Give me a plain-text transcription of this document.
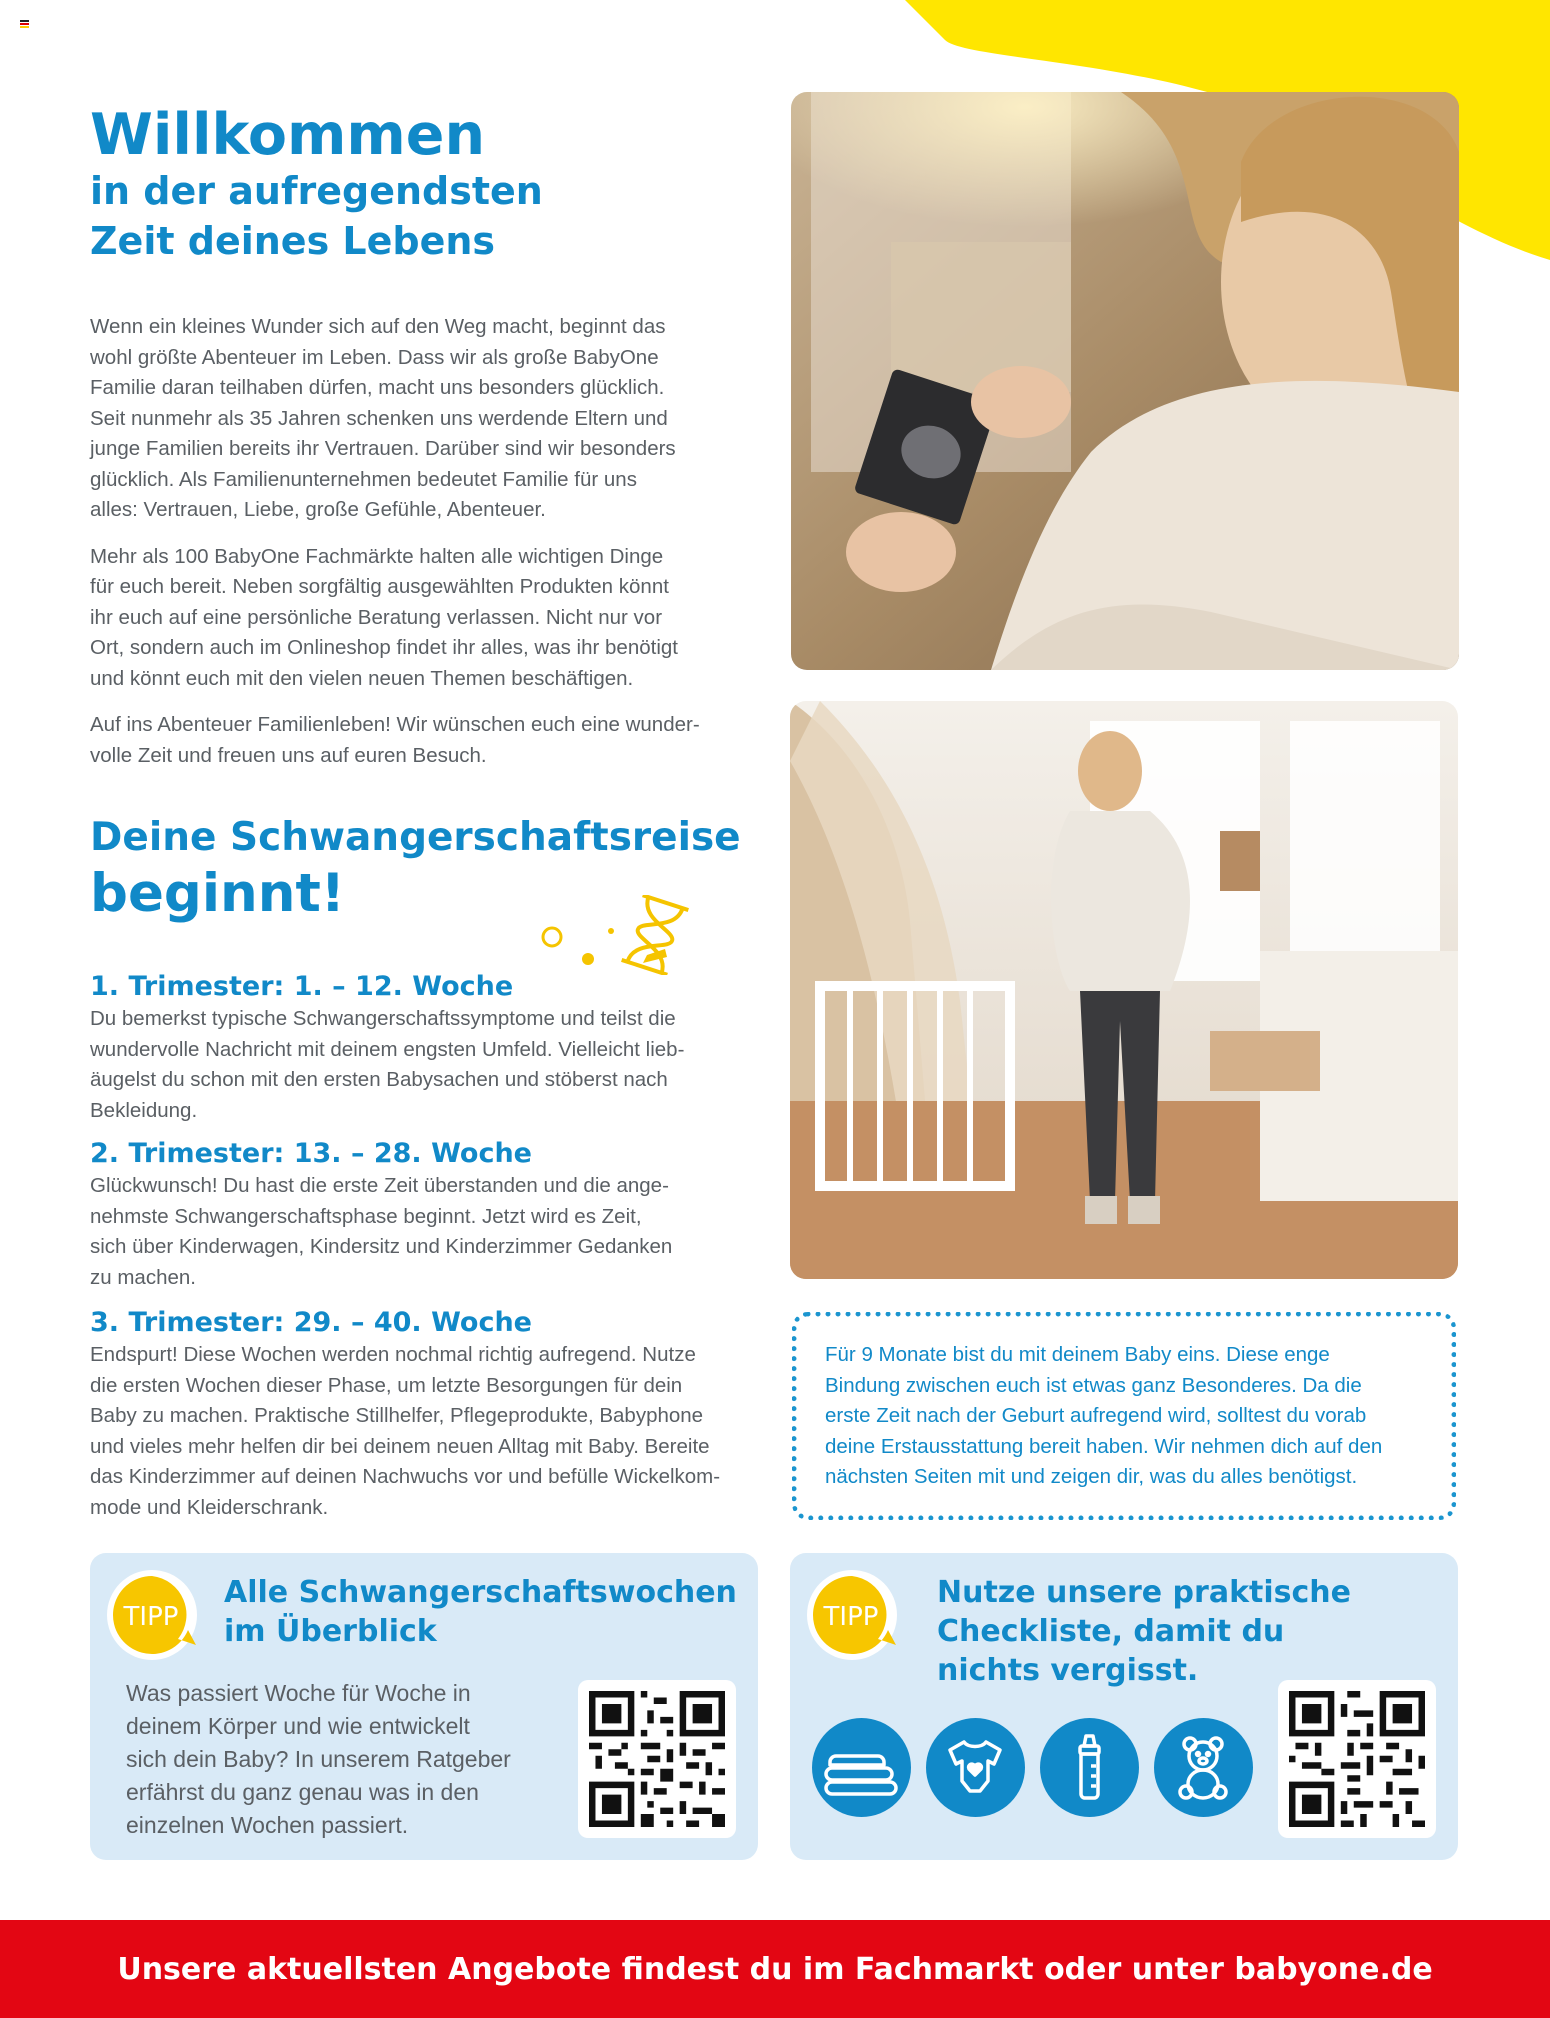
Willkommen
in der aufregendsten
Zeit deines Lebens

Wenn ein kleines Wunder sich auf den Weg macht, beginnt das
wohl größte Abenteuer im Leben. Dass wir als große BabyOne
Familie daran teilhaben dürfen, macht uns besonders glücklich.
Seit nunmehr als 35 Jahren schenken uns werdende Eltern und
junge Familien bereits ihr Vertrauen. Darüber sind wir besonders
glücklich. Als Familienunternehmen bedeutet Familie für uns
alles: Vertrauen, Liebe, große Gefühle, Abenteuer.

Mehr als 100 BabyOne Fachmärkte halten alle wichtigen Dinge
für euch bereit. Neben sorgfältig ausgewählten Produkten könnt
ihr euch auf eine persönliche Beratung verlassen. Nicht nur vor
Ort, sondern auch im Onlineshop findet ihr alles, was ihr benötigt
und könnt euch mit den vielen neuen Themen beschäftigen.

Auf ins Abenteuer Familienleben! Wir wünschen euch eine wunder-
volle Zeit und freuen uns auf euren Besuch.

Deine Schwangerschaftsreise
beginnt!
1. Trimester: 1. – 12. Woche

Du bemerkst typische Schwangerschaftssymptome und teilst die
wundervolle Nachricht mit deinem engsten Umfeld. Vielleicht lieb-
äugelst du schon mit den ersten Babysachen und stöberst nach
Bekleidung.

2. Trimester: 13. – 28. Woche

Glückwunsch! Du hast die erste Zeit überstanden und die ange-
nehmste Schwangerschaftsphase beginnt. Jetzt wird es Zeit,
sich über Kinderwagen, Kindersitz und Kinderzimmer Gedanken
zu machen.

3. Trimester: 29. – 40. Woche

Endspurt! Diese Wochen werden nochmal richtig aufregend. Nutze
die ersten Wochen dieser Phase, um letzte Besorgungen für dein
Baby zu machen. Praktische Stillhelfer, Pflegeprodukte, Babyphone
und vieles mehr helfen dir bei deinem neuen Alltag mit Baby. Bereite
das Kinderzimmer auf deinen Nachwuchs vor und befülle Wickelkom-
mode und Kleiderschrank.

Für 9 Monate bist du mit deinem Baby eins. Diese enge
Bindung zwischen euch ist etwas ganz Besonderes. Da die
erste Zeit nach der Geburt aufregend wird, solltest du vorab
deine Erstausstattung bereit haben. Wir nehmen dich auf den
nächsten Seiten mit und zeigen dir, was du alles benötigst.
TIPP
Alle Schwangerschaftswochen
im Überblick
Was passiert Woche für Woche in
deinem Körper und wie entwickelt
sich dein Baby? In unserem Ratgeber
erfährst du ganz genau was in den
einzelnen Wochen passiert.
TIPP
Nutze unsere praktische
Checkliste, damit du
nichts vergisst.
Unsere aktuellsten Angebote findest du im Fachmarkt oder unter babyone.de
